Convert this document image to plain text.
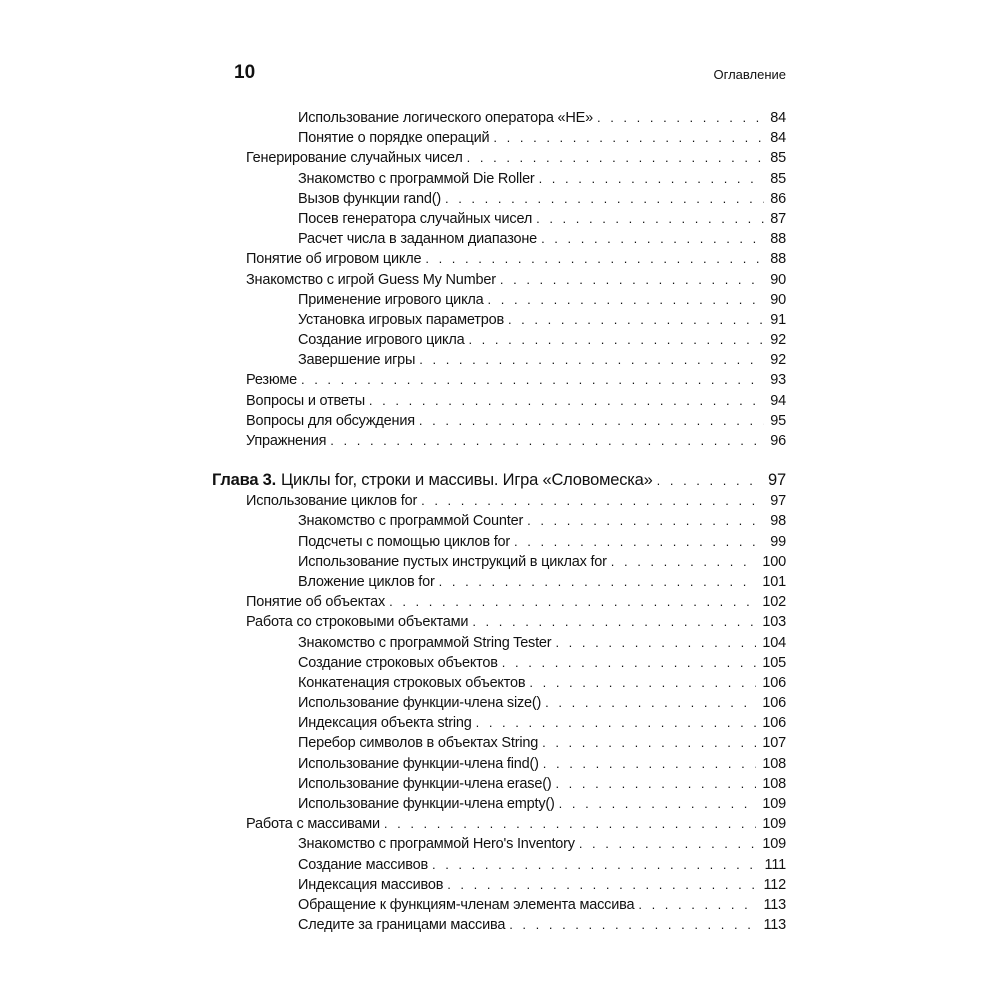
10	Оглавление
Использование логического оператора «НЕ» . . .	84
Понятие о порядке операций . . .	84
Генерирование случайных чисел . . .	85
Знакомство с программой Die Roller . . .	85
Вызов функции rand() . . .	86
Посев генератора случайных чисел . . .	87
Расчет числа в заданном диапазоне . . .	88
Понятие об игровом цикле . . .	88
Знакомство с игрой Guess My Number . . .	90
Применение игрового цикла . . .	90
Установка игровых параметров . . .	91
Создание игрового цикла . . .	92
Завершение игры . . .	92
Резюме . . .	93
Вопросы и ответы . . .	94
Вопросы для обсуждения . . .	95
Упражнения . . .	96
Глава 3. Циклы for, строки и массивы. Игра «Словомеска» . . .	97
Использование циклов for . . .	97
Знакомство с программой Counter . . .	98
Подсчеты с помощью циклов for . . .	99
Использование пустых инструкций в циклах for . . .	100
Вложение циклов for . . .	101
Понятие об объектах . . .	102
Работа со строковыми объектами . . .	103
Знакомство с программой String Tester . . .	104
Создание строковых объектов . . .	105
Конкатенация строковых объектов . . .	106
Использование функции-члена size() . . .	106
Индексация объекта string . . .	106
Перебор символов в объектах String . . .	107
Использование функции-члена find() . . .	108
Использование функции-члена erase() . . .	108
Использование функции-члена empty() . . .	109
Работа с массивами . . .	109
Знакомство с программой Hero's Inventory . . .	109
Создание массивов . . .	111
Индексация массивов . . .	112
Обращение к функциям-членам элемента массива . . .	113
Следите за границами массива . . .	113
